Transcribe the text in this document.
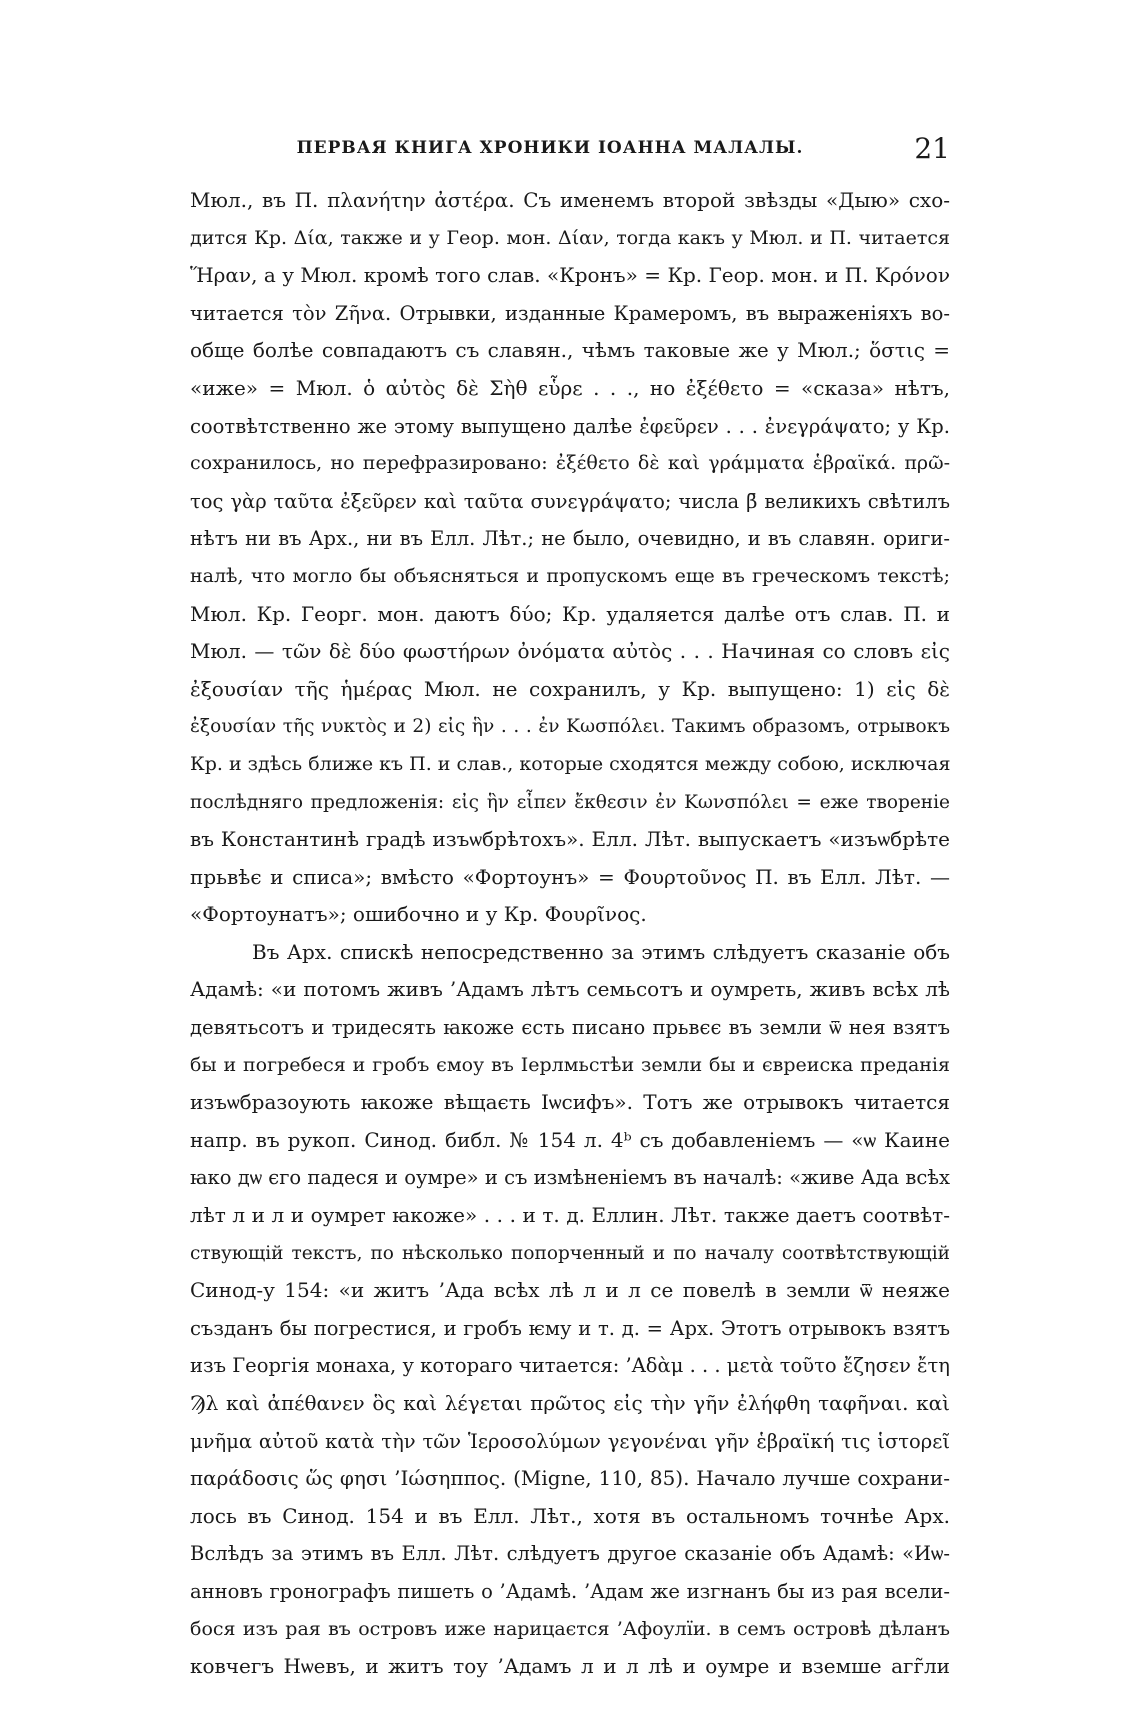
ПЕРВАЯ КНИГА ХРОНИКИ ІОАННА МАЛАЛЫ.	21
Мюл., въ П. πλανήτην ἀστέρα. Съ именемъ второй звѣзды «Дыю» схо-
дится Кр. Δία, также и у Геор. мон. Δίαν, тогда какъ у Мюл. и П. читается
Ἥραν, а у Мюл. кромѣ того слав. «Кронъ» = Кр. Геор. мон. и П. Κρόνον
читается τὸν Ζῆνα. Отрывки, изданные Крамеромъ, въ выраженіяхъ во-
обще болѣе совпадаютъ съ славян., чѣмъ таковые же у Мюл.; ὅστις =
«иже» = Мюл. ὁ αὐτὸς δὲ Σὴθ εὗρε . . ., но ἐξέθετο = «сказа» нѣтъ,
соотвѣтственно же этому выпущено далѣе ἐφεῦρεν . . . ἐνεγράψατο; у Кр.
сохранилось, но перефразировано: ἐξέθετο δὲ καὶ γράμματα ἑβραϊκά. πρῶ-
τος γὰρ ταῦτα ἐξεῦρεν καὶ ταῦτα συνεγράψατο; числа β̄ великихъ свѣтилъ
нѣтъ ни въ Арх., ни въ Елл. Лѣт.; не было, очевидно, и въ славян. ориги-
налѣ, что могло бы объясняться и пропускомъ еще въ греческомъ текстѣ;
Мюл. Кр. Георг. мон. даютъ δύο; Кр. удаляется далѣе отъ слав. П. и
Мюл. — τῶν δὲ δύο φωστήρων ὀνόματα αὐτὸς . . . Начиная со словъ εἰς
ἐξουσίαν τῆς ἡμέρας Мюл. не сохранилъ, у Кр. выпущено: 1) εἰς δὲ
ἐξουσίαν τῆς νυκτὸς и 2) εἰς ἣν . . . ἐν Κωσπόλει. Такимъ образомъ, отрывокъ
Кр. и здѣсь ближе къ П. и слав., которые сходятся между собою, исключая
послѣдняго предложенія: εἰς ἣν εἶπεν ἔκθεσιν ἐν Κωνσπόλει = еже твореніе
въ Константинѣ градѣ изъѡбрѣтохъ». Елл. Лѣт. выпускаетъ «изъѡбрѣте
прьвѣє и списа»; вмѣсто «Фортоунъ» = Φουρτοῦνος П. въ Елл. Лѣт. —
«Фортоунатъ»; ошибочно и у Кр. Φουρῖνος.
Въ Арх. спискѣ непосредственно за этимъ слѣдуетъ сказаніе объ
Адамѣ: «и потомъ живъ ’Адамъ лѣтъ семьсотъ и оумреть, живъ всѣх лѣ
девятьсотъ и тридесять ꙗкоже єсть писано прьвєє въ земли ѿ нея взятъ
бы и погребеся и гробъ ємоу въ Іерлмьстѣи земли бы и євреиска преданія
изъѡбразоують ꙗкоже вѣщаєть Іѡсифъ». Тотъ же отрывокъ читается
напр. въ рукоп. Синод. библ. № 154 л. 4ᵇ съ добавленіемъ — «ѡ Каине
ꙗко дѡ єго падеся и оумре» и съ измѣненіемъ въ началѣ: «живе Ада всѣх
лѣт л и л и оумрет ꙗкоже» . . . и т. д. Еллин. Лѣт. также даетъ соотвѣт-
ствующій текстъ, по нѣсколько попорченный и по началу соотвѣтствующій
Синод-у 154: «и житъ ’Ада всѣх лѣ л и л се повелѣ в земли ѿ неяже
създанъ бы погрестися, и гробъ ѥму и т. д. = Арх. Этотъ отрывокъ взятъ
изъ Георгія монаха, у котораго читается: ’Αδὰμ . . . μετὰ τοῦτο ἔζησεν ἔτη
Ϡλ καὶ ἀπέθανεν ὃς καὶ λέγεται πρῶτος εἰς τὴν γῆν ἐλήφθη ταφῆναι. καὶ
μνῆμα αὐτοῦ κατὰ τὴν τῶν Ἱεροσολύμων γεγονέναι γῆν ἑβραϊκή τις ἱστορεῖ
παράδοσις ὥς φησι ’Ιώσηππος. (Migne, 110, 85). Начало лучше сохрани-
лось въ Синод. 154 и въ Елл. Лѣт., хотя въ остальномъ точнѣе Арх.
Вслѣдъ за этимъ въ Елл. Лѣт. слѣдуетъ другое сказаніе объ Адамѣ: «Иѡ-
анновъ гронографъ пишеть о ’Адамѣ. ’Адам же изгнанъ бы из рая всели-
бося изъ рая въ островъ иже нарицаєтся ’Афоулїи. в семъ островѣ дѣланъ
ковчегъ Нѡевъ, и житъ тоу ’Адамъ л и л лѣ и оумре и вземше агг̃ли
